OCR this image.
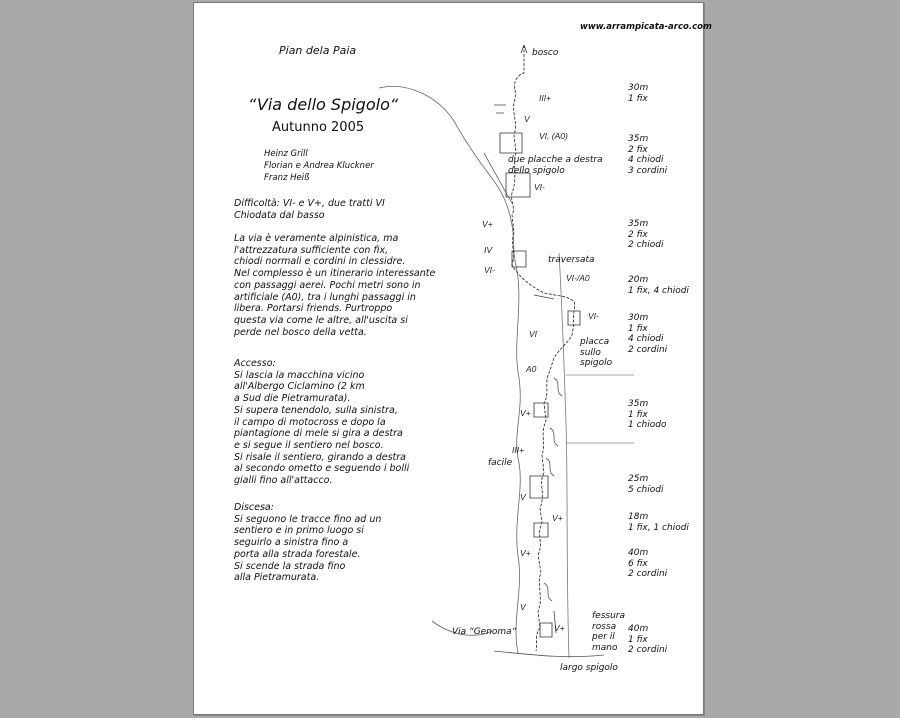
www.arrampicata-arco.com
Pian dela Paia
“Via dello Spigolo“
Autunno 2005
Heinz Grill
Florian e Andrea Kluckner
Franz Heiß
Difficoltà: VI- e V+, due tratti VI
Chiodata dal basso
La via è veramente alpinistica, ma
l'attrezzatura sufficiente con fix,
chiodi normali e cordini in clessidre.
Nel complesso è un itinerario interessante
con passaggi aerei. Pochi metri sono in
artificiale (A0), tra i lunghi passaggi in
libera. Portarsi friends. Purtroppo
questa via come le altre, all'uscita si
perde nel bosco della vetta.
Accesso:
Si lascia la macchina vicino
all'Albergo Ciclamino (2 km
a Sud die Pietramurata).
Si supera tenendolo, sulla sinistra,
il campo di motocross e dopo la
piantagione di mele si gira a destra
e si segue il sentiero nel bosco.
Si risale il sentiero, girando a destra
al secondo ometto e seguendo i bolli
gialli fino all'attacco.
Discesa:
Si seguono le tracce fino ad un
sentiero e in primo luogo si
seguirlo a sinistra fino a
porta alla strada forestale.
Si scende la strada fino
alla Pietramurata.
III+
V
VI, (A0)
VI-
V+
IV
VI-
VI-/A0
VI-
VI
A0
V+
III+
V
V+
V+
V
V+
bosco
due placche a destra
dello spigolo
traversata
placca
sullo
spigolo
facile
fessura
rossa
per il
mano
Via “Genoma“
largo spigolo
30m
1 fix
35m
2 fix
4 chiodi
3 cordini
35m
2 fix
2 chiodi
20m
1 fix, 4 chiodi
30m
1 fix
4 chiodi
2 cordini
35m
1 fix
1 chiodo
25m
5 chiodi
18m
1 fix, 1 chiodi
40m
6 fix
2 cordini
40m
1 fix
2 cordini
